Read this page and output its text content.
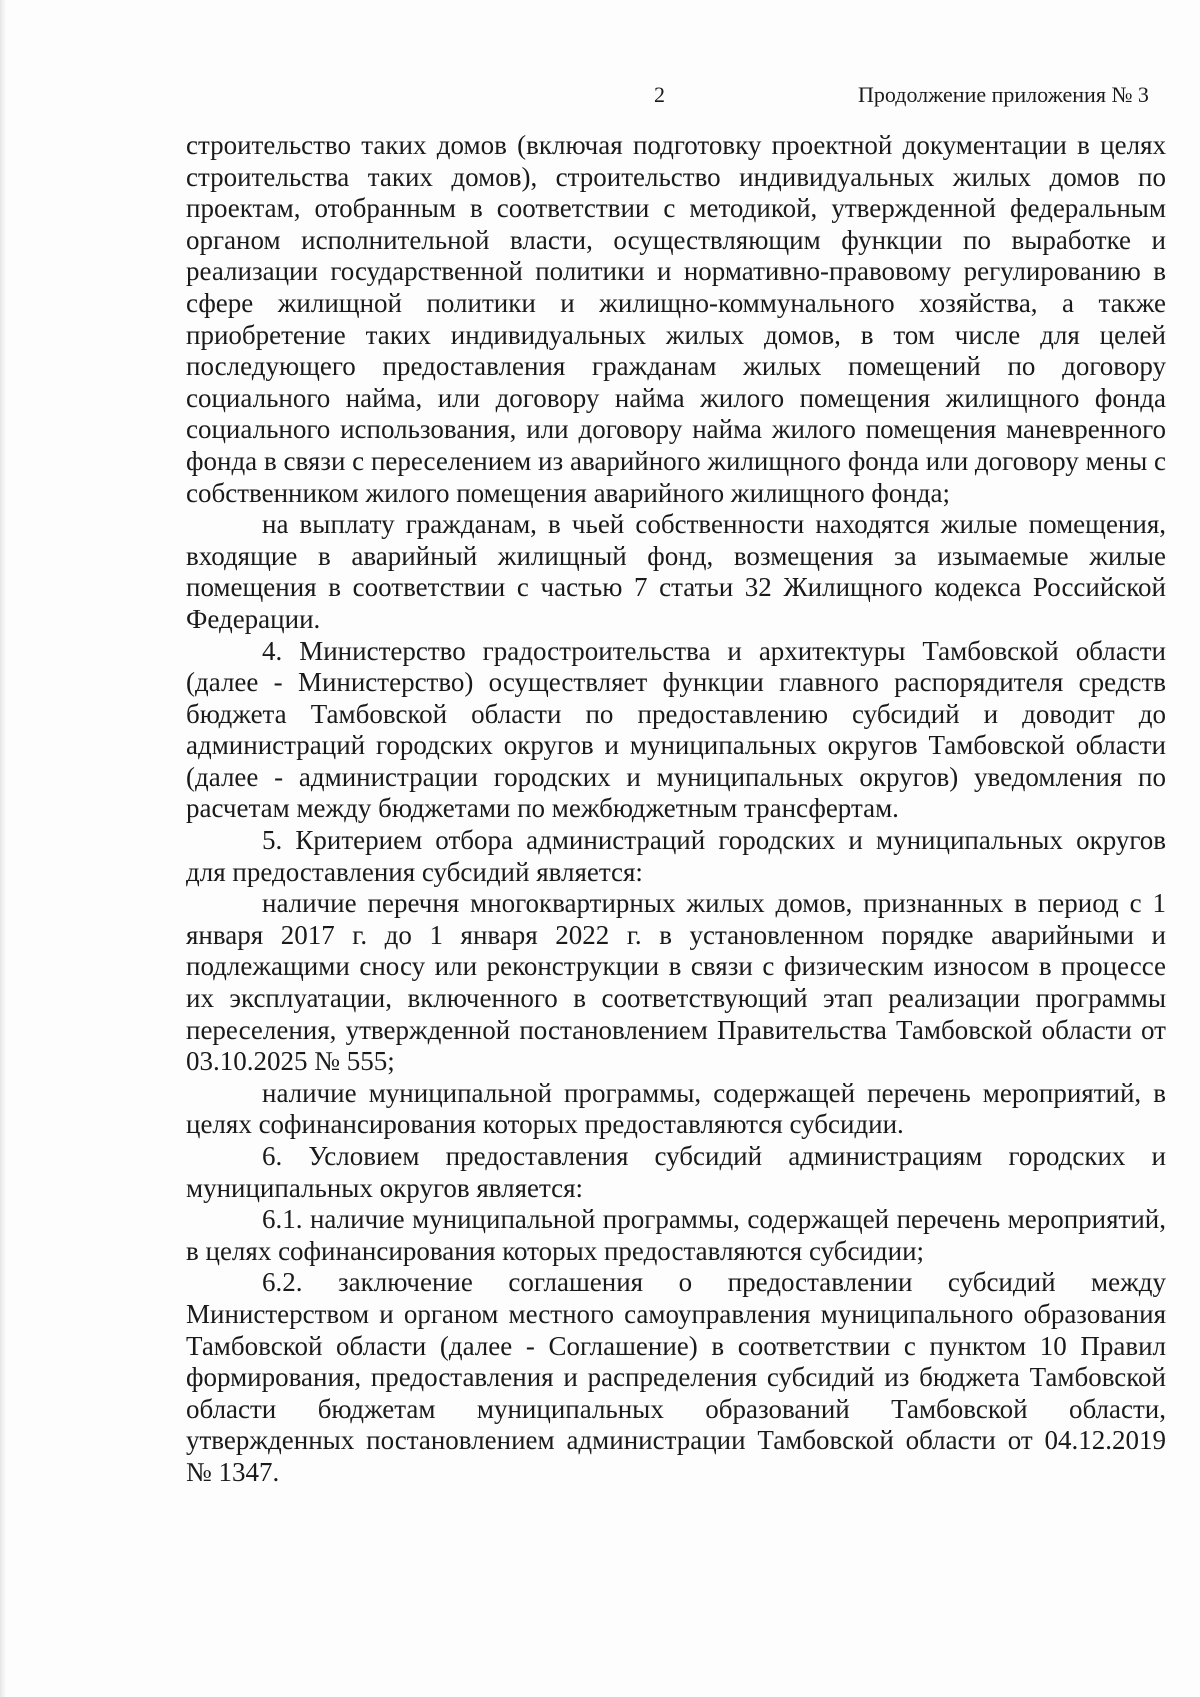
2	Продолжение приложения № 3

строительство таких домов (включая подготовку проектной документации в целях строительства таких домов), строительство индивидуальных жилых домов по проектам, отобранным в соответствии с методикой, утвержденной федеральным органом исполнительной власти, осуществляющим функции по выработке и реализации государственной политики и нормативно-правовому регулированию в сфере жилищной политики и жилищно-коммунального хозяйства, а также приобретение таких индивидуальных жилых домов, в том числе для целей последующего предоставления гражданам жилых помещений по договору социального найма, или договору найма жилого помещения жилищного фонда социального использования, или договору найма жилого помещения маневренного фонда в связи с переселением из аварийного жилищного фонда или договору мены с собственником жилого помещения аварийного жилищного фонда;

на выплату гражданам, в чьей собственности находятся жилые помещения, входящие в аварийный жилищный фонд, возмещения за изымаемые жилые помещения в соответствии с частью 7 статьи 32 Жилищного кодекса Российской Федерации.

4. Министерство градостроительства и архитектуры Тамбовской области (далее - Министерство) осуществляет функции главного распорядителя средств бюджета Тамбовской области по предоставлению субсидий и доводит до администраций городских округов и муниципальных округов Тамбовской области (далее - администрации городских и муниципальных округов) уведомления по расчетам между бюджетами по межбюджетным трансфертам.

5. Критерием отбора администраций городских и муниципальных округов для предоставления субсидий является:

наличие перечня многоквартирных жилых домов, признанных в период с 1 января 2017 г. до 1 января 2022 г. в установленном порядке аварийными и подлежащими сносу или реконструкции в связи с физическим износом в процессе их эксплуатации, включенного в соответствующий этап реализации программы переселения, утвержденной постановлением Правительства Тамбовской области от 03.10.2025 № 555;

наличие муниципальной программы, содержащей перечень мероприятий, в целях софинансирования которых предоставляются субсидии.

6. Условием предоставления субсидий администрациям городских и муниципальных округов является:

6.1. наличие муниципальной программы, содержащей перечень мероприятий, в целях софинансирования которых предоставляются субсидии;

6.2. заключение соглашения о предоставлении субсидий между Министерством и органом местного самоуправления муниципального образования Тамбовской области (далее - Соглашение) в соответствии с пунктом 10 Правил формирования, предоставления и распределения субсидий из бюджета Тамбовской области бюджетам муниципальных образований Тамбовской области, утвержденных постановлением администрации Тамбовской области от 04.12.2019 № 1347.
